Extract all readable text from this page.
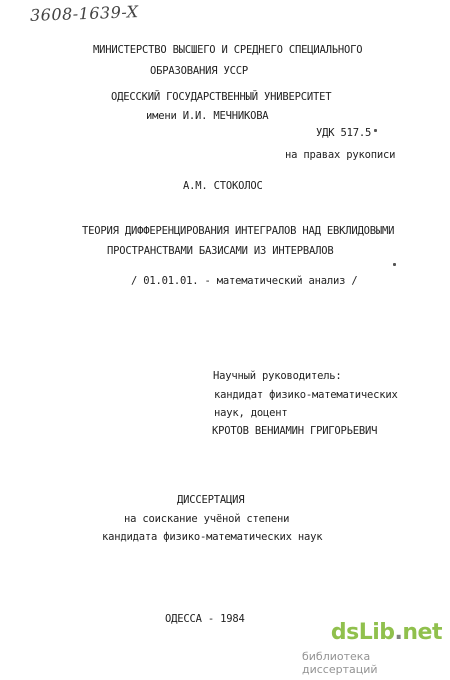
3608-1639-X
МИНИСТЕРСТВО ВЫСШЕГО И СРЕДНЕГО СПЕЦИАЛЬНОГО
ОБРАЗОВАНИЯ УССР
ОДЕССКИЙ ГОСУДАРСТВЕННЫЙ УНИВЕРСИТЕТ
имени И.И. МЕЧНИКОВА
УДК 517.5
на правах рукописи
А.М. СТОКОЛОС
ТЕОРИЯ ДИФФЕРЕНЦИРОВАНИЯ ИНТЕГРАЛОВ НАД ЕВКЛИДОВЫМИ
ПРОСТРАНСТВАМИ БАЗИСАМИ ИЗ ИНТЕРВАЛОВ
/ 01.01.01. - математический анализ /
Научный руководитель:
кандидат физико-математических
наук, доцент
КРОТОВ ВЕНИАМИН ГРИГОРЬЕВИЧ
ДИССЕРТАЦИЯ
на соискание учёной степени
кандидата физико-математических наук
ОДЕССА - 1984
dsLib.net
библиотека диссертаций
